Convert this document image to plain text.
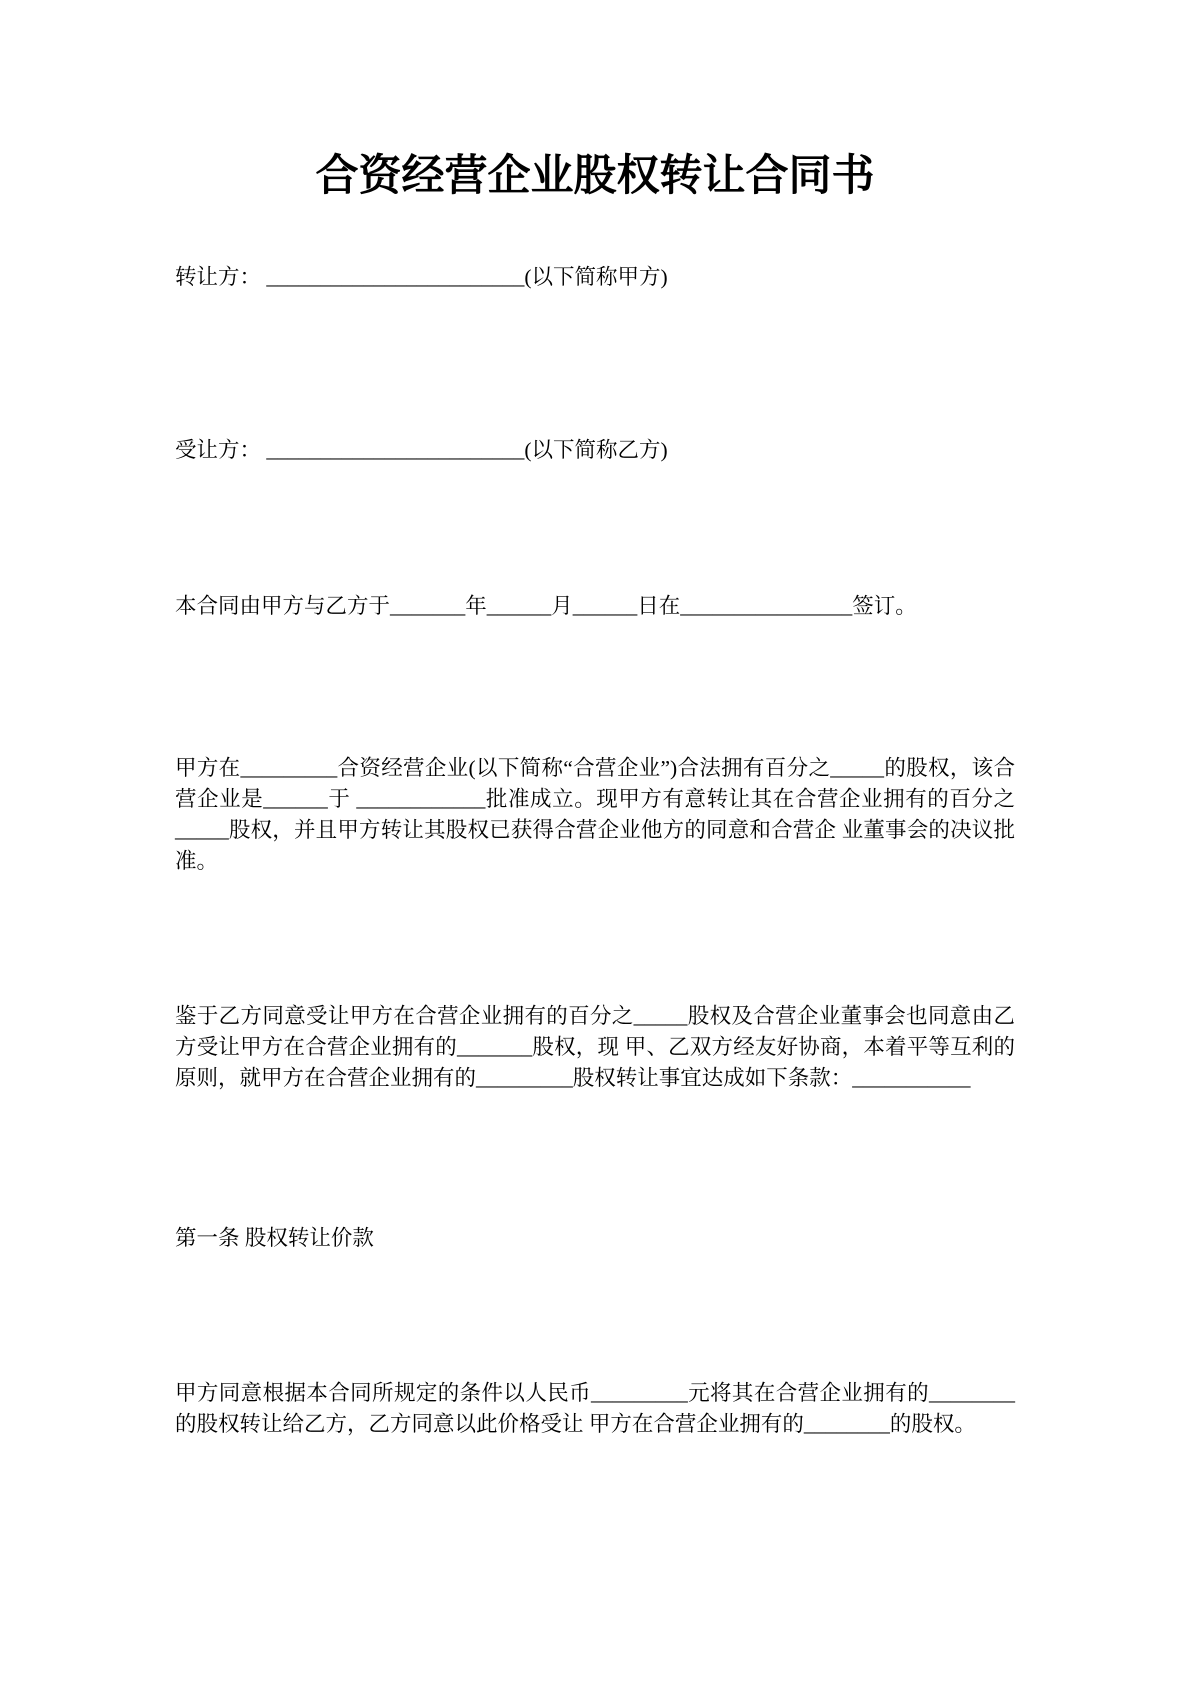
合资经营企业股权转让合同书

转让方： ________________________(以下简称甲方)

受让方： ________________________(以下简称乙方)

本合同由甲方与乙方于_______年______月______日在________________签订。

甲方在_________合资经营企业(以下简称“合营企业”)合法拥有百分之_____的股权，该合营企业是______于 ____________批准成立。现甲方有意转让其在合营企业拥有的百分之_____股权，并且甲方转让其股权已获得合营企业他方的同意和合营企 业董事会的决议批准。

鉴于乙方同意受让甲方在合营企业拥有的百分之_____股权及合营企业董事会也同意由乙方受让甲方在合营企业拥有的_______股权，现 甲、乙双方经友好协商，本着平等互利的原则，就甲方在合营企业拥有的_________股权转让事宜达成如下条款：___________

第一条 股权转让价款

甲方同意根据本合同所规定的条件以人民币_________元将其在合营企业拥有的________的股权转让给乙方，乙方同意以此价格受让 甲方在合营企业拥有的________的股权。
